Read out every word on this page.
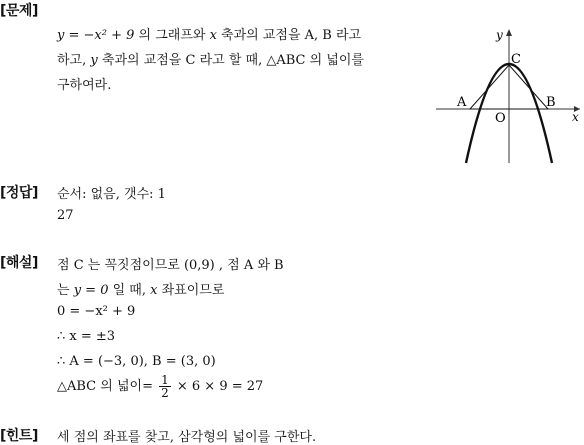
[문제]
y = −x² + 9 의 그래프와 x 축과의 교점을 A, B 라고
하고, y 축과의 교점을 C 라고 할 때, △ABC 의 넓이를
구하여라.
y
x
O
C
A	B
[정답] 순서: 없음, 갯수: 1
27
[해설] 점 C 는 꼭짓점이므로 (0,9) , 점 A 와 B
는 y = 0 일 때, x 좌표이므로
0 = −x² + 9
∴ x = ±3
∴ A = (−3, 0), B = (3, 0)
△ABC 의 넓이= $\frac{1}{2} \times 6 \times 9 = 27$
[힌트] 세 점의 좌표를 찾고, 삼각형의 넓이를 구한다.
